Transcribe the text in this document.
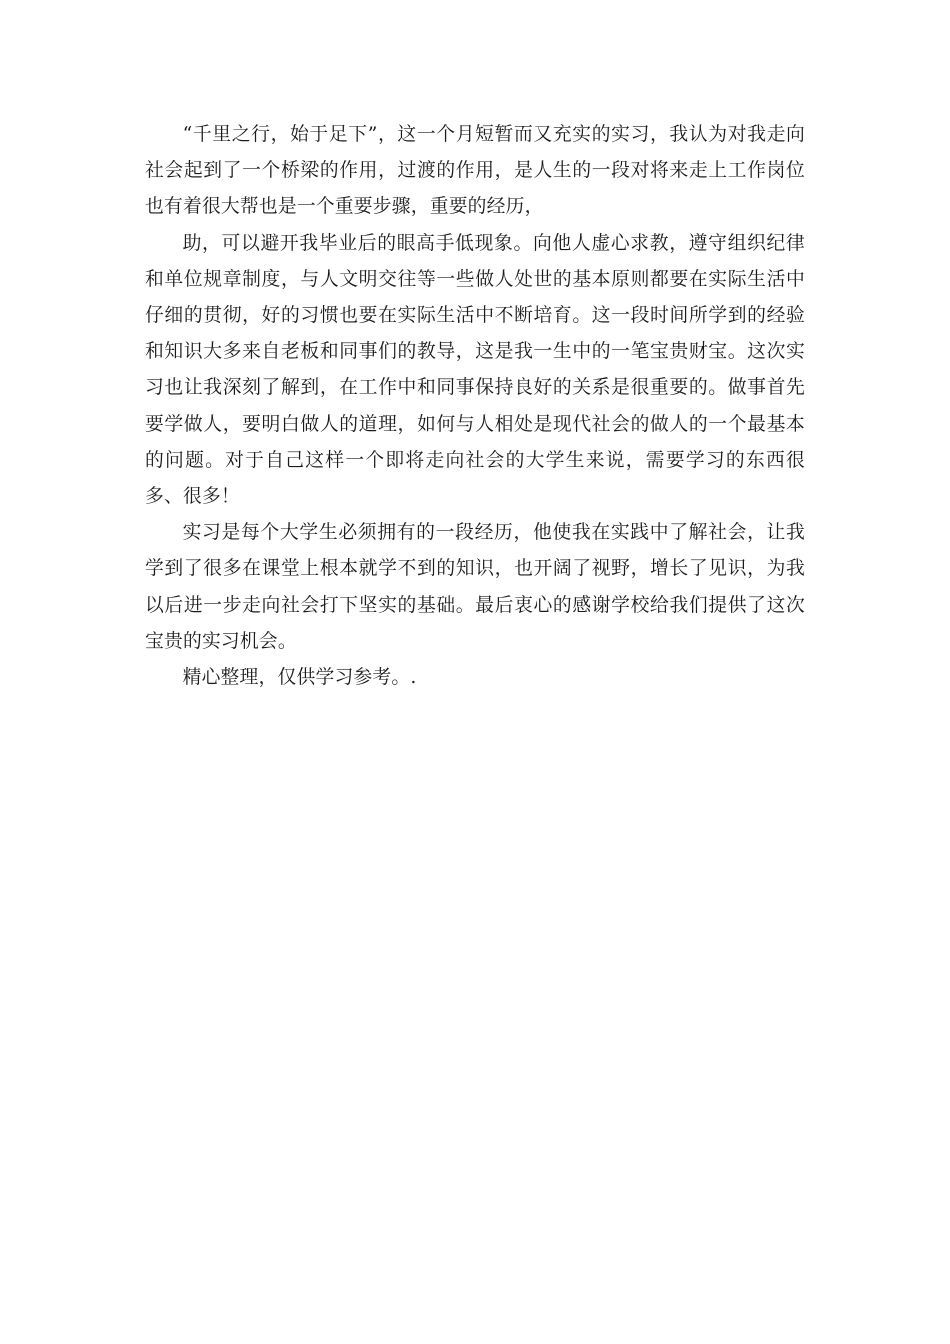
“千里之行，始于足下”，这一个月短暂而又充实的实习，我认为对我走向社会起到了一个桥梁的作用，过渡的作用，是人生的一段对将来走上工作岗位也有着很大帮也是一个重要步骤，重要的经历，

助，可以避开我毕业后的眼高手低现象。向他人虚心求教，遵守组织纪律和单位规章制度，与人文明交往等一些做人处世的基本原则都要在实际生活中仔细的贯彻，好的习惯也要在实际生活中不断培育。这一段时间所学到的经验和知识大多来自老板和同事们的教导，这是我一生中的一笔宝贵财宝。这次实习也让我深刻了解到，在工作中和同事保持良好的关系是很重要的。做事首先要学做人，要明白做人的道理，如何与人相处是现代社会的做人的一个最基本的问题。对于自己这样一个即将走向社会的大学生来说，需要学习的东西很多、很多！

实习是每个大学生必须拥有的一段经历，他使我在实践中了解社会，让我学到了很多在课堂上根本就学不到的知识，也开阔了视野，增长了见识，为我以后进一步走向社会打下坚实的基础。最后衷心的感谢学校给我们提供了这次宝贵的实习机会。

精心整理，仅供学习参考。.
